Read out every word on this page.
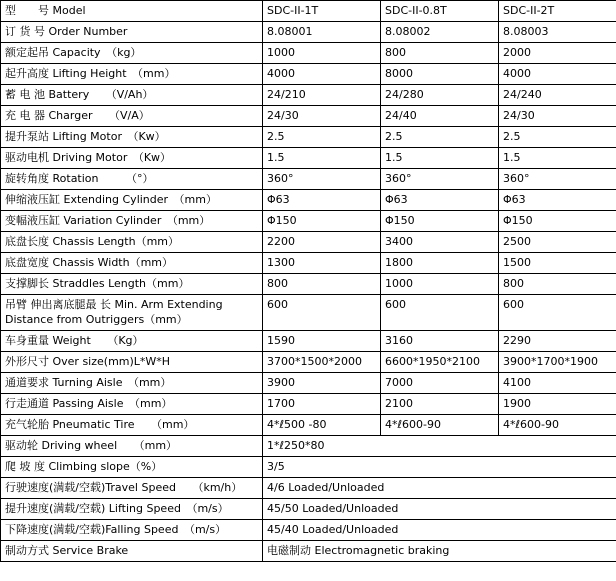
型　　号 Model	SDC-II-1T	SDC-II-0.8T	SDC-II-2T
订 货 号 Order Number	8.08001	8.08002	8.08003
额定起吊 Capacity　（kg）	1000	800	2000
起升高度 Lifting Height　（mm）	4000	8000	4000
蓄 电 池 Battery　　（V/Ah）	24/210	24/280	24/240
充 电 器 Charger　　（V/A）	24/30	24/40	24/30
提升泵站 Lifting Motor　（Kw）	2.5	2.5	2.5
驱动电机 Driving Motor　（Kw）	1.5	1.5	1.5
旋转角度 Rotation　　　（°）	360°	360°	360°
伸缩液压缸 Extending Cylinder　（mm）	Φ63	Φ63	Φ63
变幅液压缸 Variation Cylinder　（mm）	Φ150	Φ150	Φ150
底盘长度 Chassis Length（mm）	2200	3400	2500
底盘宽度 Chassis Width（mm）	1300	1800	1500
支撑脚长 Straddles Length（mm）	800	1000	800
吊臂 伸出离底腿最 长 Min. Arm Extending Distance from Outriggers（mm）	600	600	600
车身重量 Weight　　（Kg）	1590	3160	2290
外形尺寸 Over size(mm)L*W*H	3700*1500*2000	6600*1950*2100	3900*1700*1900
通道要求 Turning Aisle　（mm）	3900	7000	4100
行走通道 Passing Aisle　（mm）	1700	2100	1900
充气轮胎 Pneumatic Tire　　（mm）	4*ℓ500 -80	4*ℓ600-90	4*ℓ600-90
驱动轮 Driving wheel　　（mm）	1*ℓ250*80		
爬 坡 度 Climbing slope（%）	3/5		
行驶速度(满载/空载)Travel Speed　　（km/h）	4/6 Loaded/Unloaded		
提升速度(满载/空载) Lifting Speed　（m/s）	45/50 Loaded/Unloaded		
下降速度(满载/空载)Falling Speed　（m/s）	45/40 Loaded/Unloaded		
制动方式 Service Brake	电磁制动 Electromagnetic braking		
